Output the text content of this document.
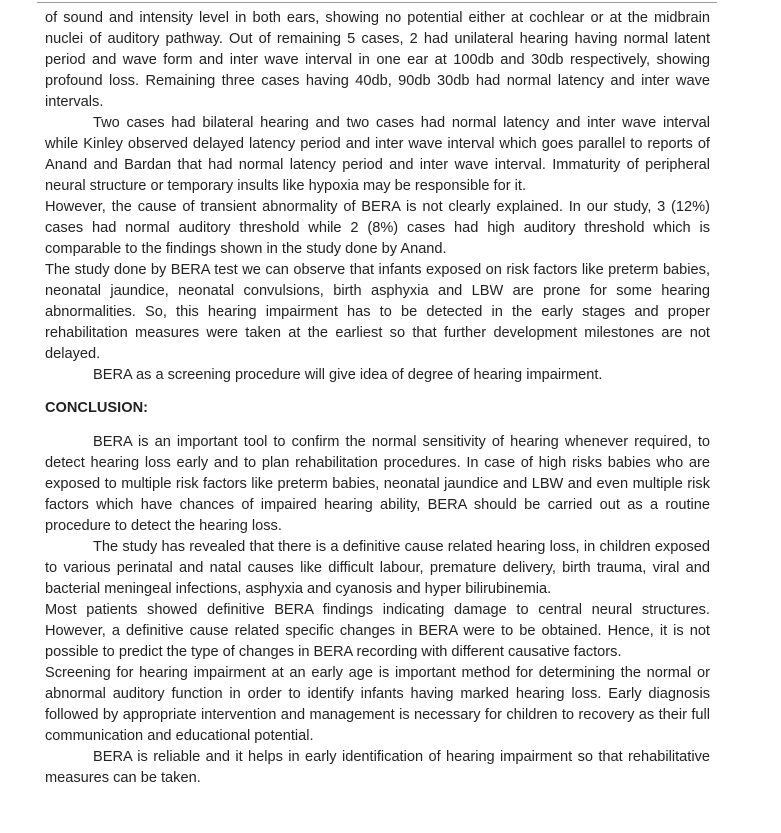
of sound and intensity level in both ears, showing no potential either at cochlear or at the midbrain nuclei of auditory pathway. Out of remaining 5 cases, 2 had unilateral hearing having normal latent period and wave form and inter wave interval in one ear at 100db and 30db respectively, showing profound loss. Remaining three cases having 40db, 90db 30db had normal latency and inter wave intervals.

Two cases had bilateral hearing and two cases had normal latency and inter wave interval while Kinley observed delayed latency period and inter wave interval which goes parallel to reports of Anand and Bardan that had normal latency period and inter wave interval. Immaturity of peripheral neural structure or temporary insults like hypoxia may be responsible for it.

However, the cause of transient abnormality of BERA is not clearly explained. In our study, 3 (12%) cases had normal auditory threshold while 2 (8%) cases had high auditory threshold which is comparable to the findings shown in the study done by Anand.

The study done by BERA test we can observe that infants exposed on risk factors like preterm babies, neonatal jaundice, neonatal convulsions, birth asphyxia and LBW are prone for some hearing abnormalities. So, this hearing impairment has to be detected in the early stages and proper rehabilitation measures were taken at the earliest so that further development milestones are not delayed.

BERA as a screening procedure will give idea of degree of hearing impairment.

CONCLUSION:

BERA is an important tool to confirm the normal sensitivity of hearing whenever required, to detect hearing loss early and to plan rehabilitation procedures. In case of high risks babies who are exposed to multiple risk factors like preterm babies, neonatal jaundice and LBW and even multiple risk factors which have chances of impaired hearing ability, BERA should be carried out as a routine procedure to detect the hearing loss.

The study has revealed that there is a definitive cause related hearing loss, in children exposed to various perinatal and natal causes like difficult labour, premature delivery, birth trauma, viral and bacterial meningeal infections, asphyxia and cyanosis and hyper bilirubinemia.

Most patients showed definitive BERA findings indicating damage to central neural structures. However, a definitive cause related specific changes in BERA were to be obtained. Hence, it is not possible to predict the type of changes in BERA recording with different causative factors.

Screening for hearing impairment at an early age is important method for determining the normal or abnormal auditory function in order to identify infants having marked hearing loss. Early diagnosis followed by appropriate intervention and management is necessary for children to recovery as their full communication and educational potential.

BERA is reliable and it helps in early identification of hearing impairment so that rehabilitative measures can be taken.
